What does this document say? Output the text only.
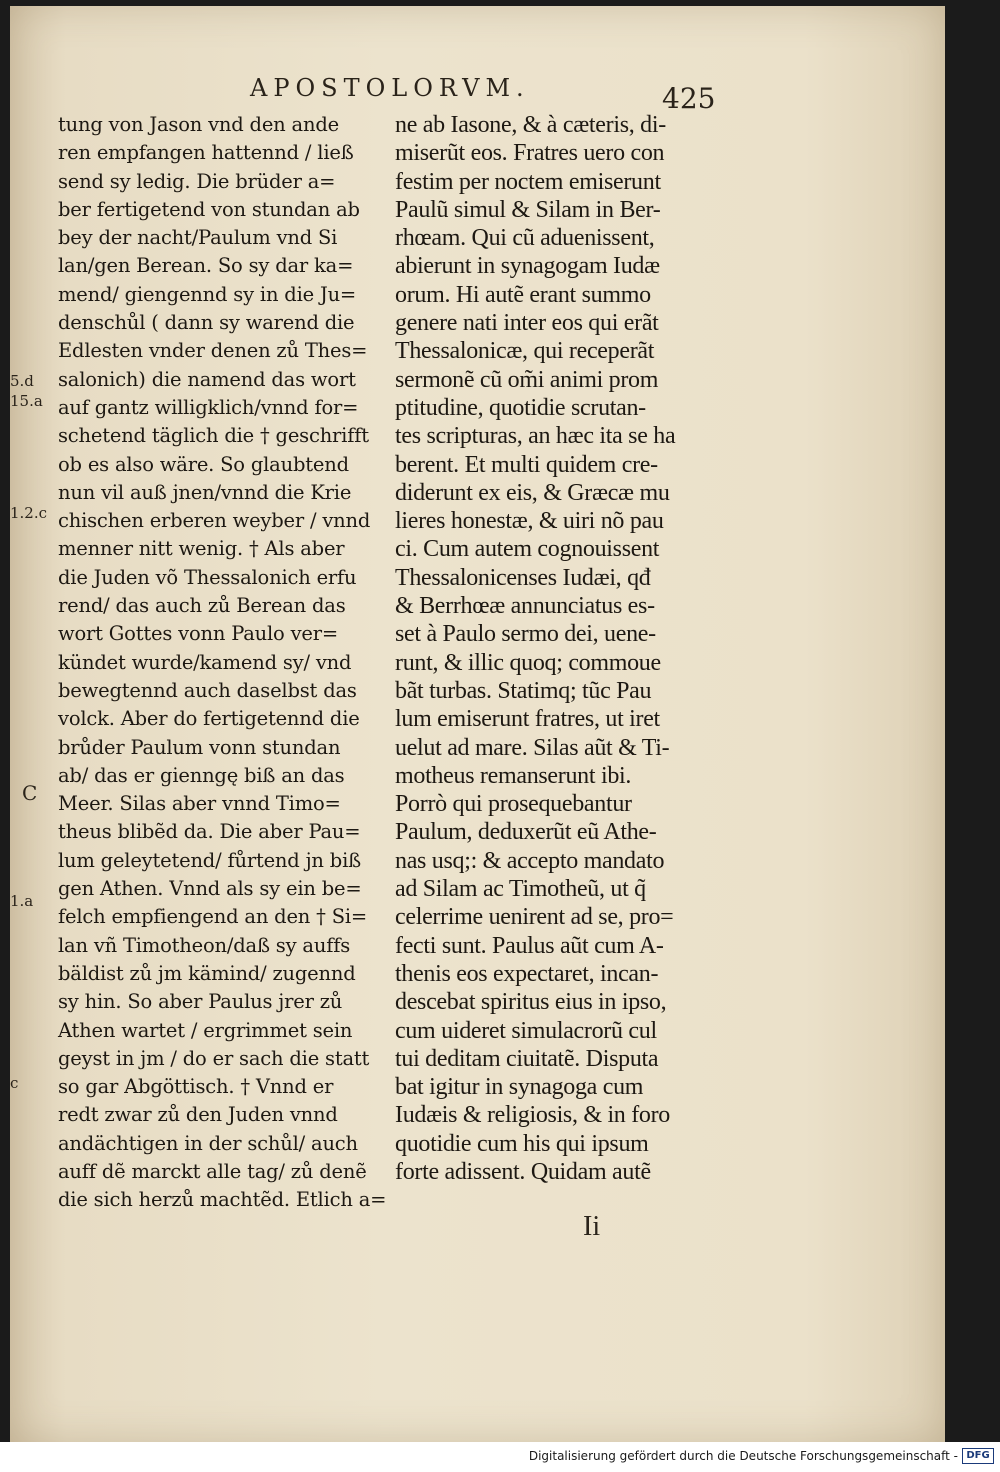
APOSTOLORVM.	425
tung von Jason vnd den ande
ren empfangen hattennd / ließ
send sy ledig. Die brüder a=
ber fertigetend von stundan ab
bey der nacht/Paulum vnd Si
lan/gen Berean. So sy dar ka=
mend/ giengennd sy in die Ju=
denschůl ( dann sy warend die
Edlesten vnder denen zů Thes=
salonich) die namend das wort
auf gantz willigklich/vnnd for=
schetend täglich die † geschrifft
ob es also wäre. So glaubtend
nun vil auß jnen/vnnd die Krie
chischen erberen weyber / vnnd
menner nitt wenig. † Als aber
die Juden võ Thessalonich erfu
rend/ das auch zů Berean das
wort Gottes vonn Paulo ver=
kündet wurde/kamend sy/ vnd
bewegtennd auch daselbst das
volck. Aber do fertigetennd die
brůder Paulum vonn stundan
ab/ das er gienngę biß an das
Meer. Silas aber vnnd Timo=
theus blibẽd da. Die aber Pau=
lum geleytetend/ fůrtend jn biß
gen Athen. Vnnd als sy ein be=
felch empfiengend an den † Si=
lan vñ Timotheon/daß sy auffs
bäldist zů jm kämind/ zugennd
sy hin. So aber Paulus jrer zů
Athen wartet / ergrimmet sein
geyst in jm / do er sach die statt
so gar Abgöttisch. † Vnnd er
redt zwar zů den Juden vnnd
andächtigen in der schůl/ auch
auff dẽ marckt alle tag/ zů denẽ
die sich herzů machtẽd. Etlich a=
ne ab Iasone, & à cæteris, di-
miserũt eos. Fratres uero con
festim per noctem emiserunt
Paulũ simul & Silam in Ber-
rhœam. Qui cũ aduenissent,
abierunt in synagogam Iudæ
orum. Hi autẽ erant summo
genere nati inter eos qui erãt
Thessalonicæ, qui receperãt
sermonẽ cũ om̃i animi prom
ptitudine, quotidie scrutan-
tes scripturas, an hæc ita se ha
berent. Et multi quidem cre-
diderunt ex eis, & Græcæ mu
lieres honestæ, & uiri nõ pau
ci. Cum autem cognouissent
Thessalonicenses Iudæi, qđ
& Berrhœæ annunciatus es-
set à Paulo sermo dei, uene-
runt, & illic quoq; commoue
bãt turbas. Statimq; tũc Pau
lum emiserunt fratres, ut iret
uelut ad mare. Silas aũt & Ti-
motheus remanserunt ibi.
Porrò qui prosequebantur
Paulum, deduxerũt eũ Athe-
nas usq;: & accepto mandato
ad Silam ac Timotheũ, ut q̃
celerrime uenirent ad se, pro=
fecti sunt. Paulus aũt cum A-
thenis eos expectaret, incan-
descebat spiritus eius in ipso,
cum uideret simulacrorũ cul
tui deditam ciuitatẽ. Disputa
bat igitur in synagoga cum
Iudæis & religiosis, & in foro
quotidie cum his qui ipsum
forte adissent. Quidam autẽ
5.d
15.a
1.2.c
C
1.a
c
Ii
Digitalisierung gefördert durch die Deutsche Forschungsgemeinschaft - DFG
